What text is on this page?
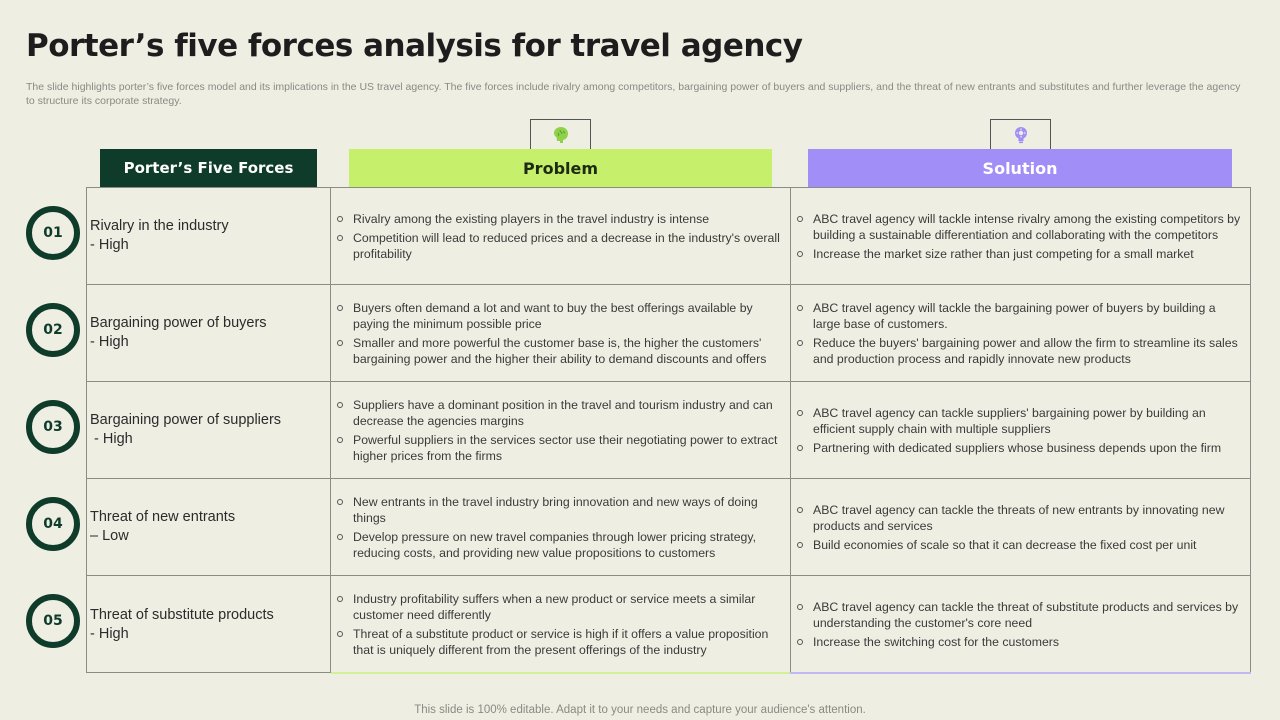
Porter’s five forces analysis for travel agency
The slide highlights porter’s five forces model and its implications in the US travel agency. The five forces include rivalry among competitors, bargaining power of buyers and suppliers, and the threat of new entrants and substitutes and further leverage the agency to structure its corporate strategy.
Porter’s Five Forces	Problem	Solution
Rivalry in the industry
- High
Rivalry among the existing players in the travel industry is intense
Competition will lead to reduced prices and a decrease in the industry's overall profitability
ABC travel agency will tackle intense rivalry among the existing competitors by building a sustainable differentiation and collaborating with the competitors
Increase the market size rather than just competing for a small market
Bargaining power of buyers
- High
Buyers often demand a lot and want to buy the best offerings available by paying the minimum possible price
Smaller and more powerful the customer base is, the higher the customers' bargaining power and the higher their ability to demand discounts and offers
ABC travel agency will tackle the bargaining power of buyers by building a large base of customers.
Reduce the buyers' bargaining power and allow the firm to streamline its sales and production process and rapidly innovate new products
Bargaining power of suppliers
- High
Suppliers have a dominant position in the travel and tourism industry and can decrease the agencies margins
Powerful suppliers in the services sector use their negotiating power to extract higher prices from the firms
ABC travel agency can tackle suppliers' bargaining power by building an efficient supply chain with multiple suppliers
Partnering with dedicated suppliers whose business depends upon the firm
Threat of new entrants
– Low
New entrants in the travel industry bring innovation and new ways of doing things
Develop pressure on new travel companies through lower pricing strategy, reducing costs, and providing new value propositions to customers
ABC travel agency can tackle the threats of new entrants by innovating new products and services
Build economies of scale so that it can decrease the fixed cost per unit
Threat of substitute products
- High
Industry profitability suffers when a new product or service meets a similar customer need differently
Threat of a substitute product or service is high if it offers a value proposition that is uniquely different from the present offerings of the industry
ABC travel agency can tackle the threat of substitute products and services by understanding the customer's core need
Increase the switching cost for the customers
01
02
03
04
05
This slide is 100% editable. Adapt it to your needs and capture your audience's attention.
